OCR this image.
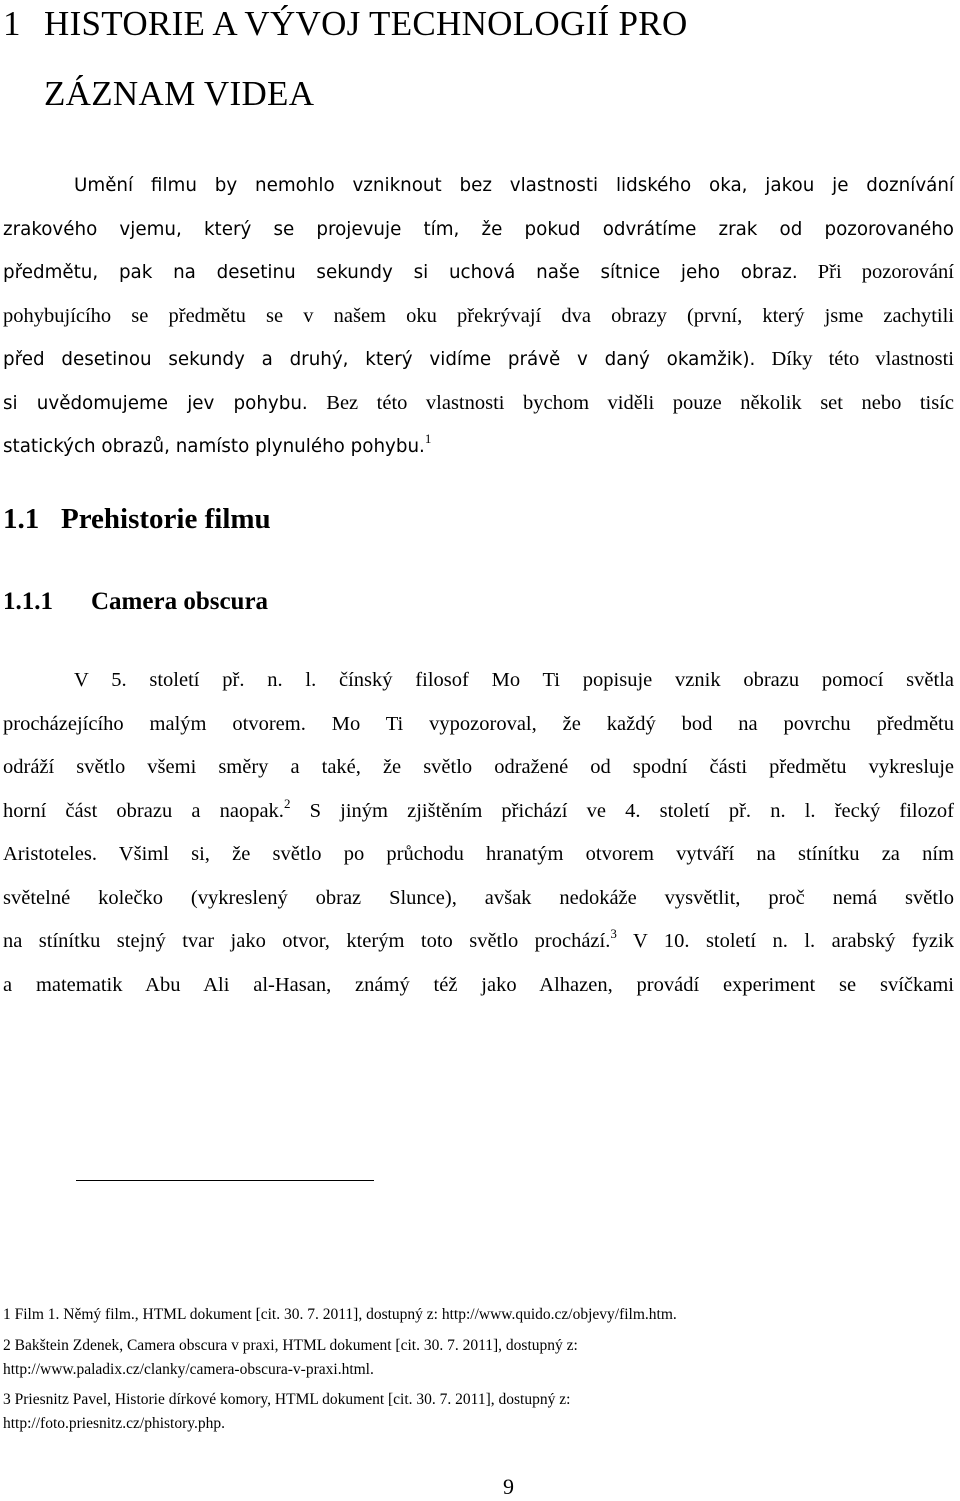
1 HISTORIE A VÝVOJ TECHNOLOGIÍ PRO
ZÁZNAM VIDEA
Umění filmu by nemohlo vzniknout bez vlastnosti lidského oka, jakou je doznívání
zrakového vjemu, který se projevuje tím, že pokud odvrátíme zrak od pozorovaného
předmětu, pak na desetinu sekundy si uchová naše sítnice jeho obraz. Při pozorování
pohybujícího se předmětu se v našem oku překrývají dva obrazy (první, který jsme zachytili
před desetinou sekundy a druhý, který vidíme právě v daný okamžik). Díky této vlastnosti
si uvědomujeme jev pohybu. Bez této vlastnosti bychom viděli pouze několik set nebo tisíc
statických obrazů, namísto plynulého pohybu.$^1$
1.1 Prehistorie filmu
1.1.1 Camera obscura
V 5. století př. n. l. čínský filosof Mo Ti popisuje vznik obrazu pomocí světla
procházejícího malým otvorem. Mo Ti vypozoroval, že každý bod na povrchu předmětu
odráží světlo všemi směry a také, že světlo odražené od spodní části předmětu vykresluje
horní část obrazu a naopak.$^2$ S jiným zjištěním přichází ve 4. století př. n. l. řecký filozof
Aristoteles. Všiml si, že světlo po průchodu hranatým otvorem vytváří na stínítku za ním
světelné kolečko (vykreslený obraz Slunce), avšak nedokáže vysvětlit, proč nemá světlo
na stínítku stejný tvar jako otvor, kterým toto světlo prochází.$^3$ V 10. století n. l. arabský fyzik
a matematik Abu Ali al-Hasan, známý též jako Alhazen, provádí experiment se svíčkami
1 Film 1. Němý film., HTML dokument [cit. 30. 7. 2011], dostupný z: http://www.quido.cz/objevy/film.htm.
2 Bakštein Zdenek, Camera obscura v praxi, HTML dokument [cit. 30. 7. 2011], dostupný z:
http://www.paladix.cz/clanky/camera-obscura-v-praxi.html.
3 Priesnitz Pavel, Historie dírkové komory, HTML dokument [cit. 30. 7. 2011], dostupný z:
http://foto.priesnitz.cz/phistory.php.
9
